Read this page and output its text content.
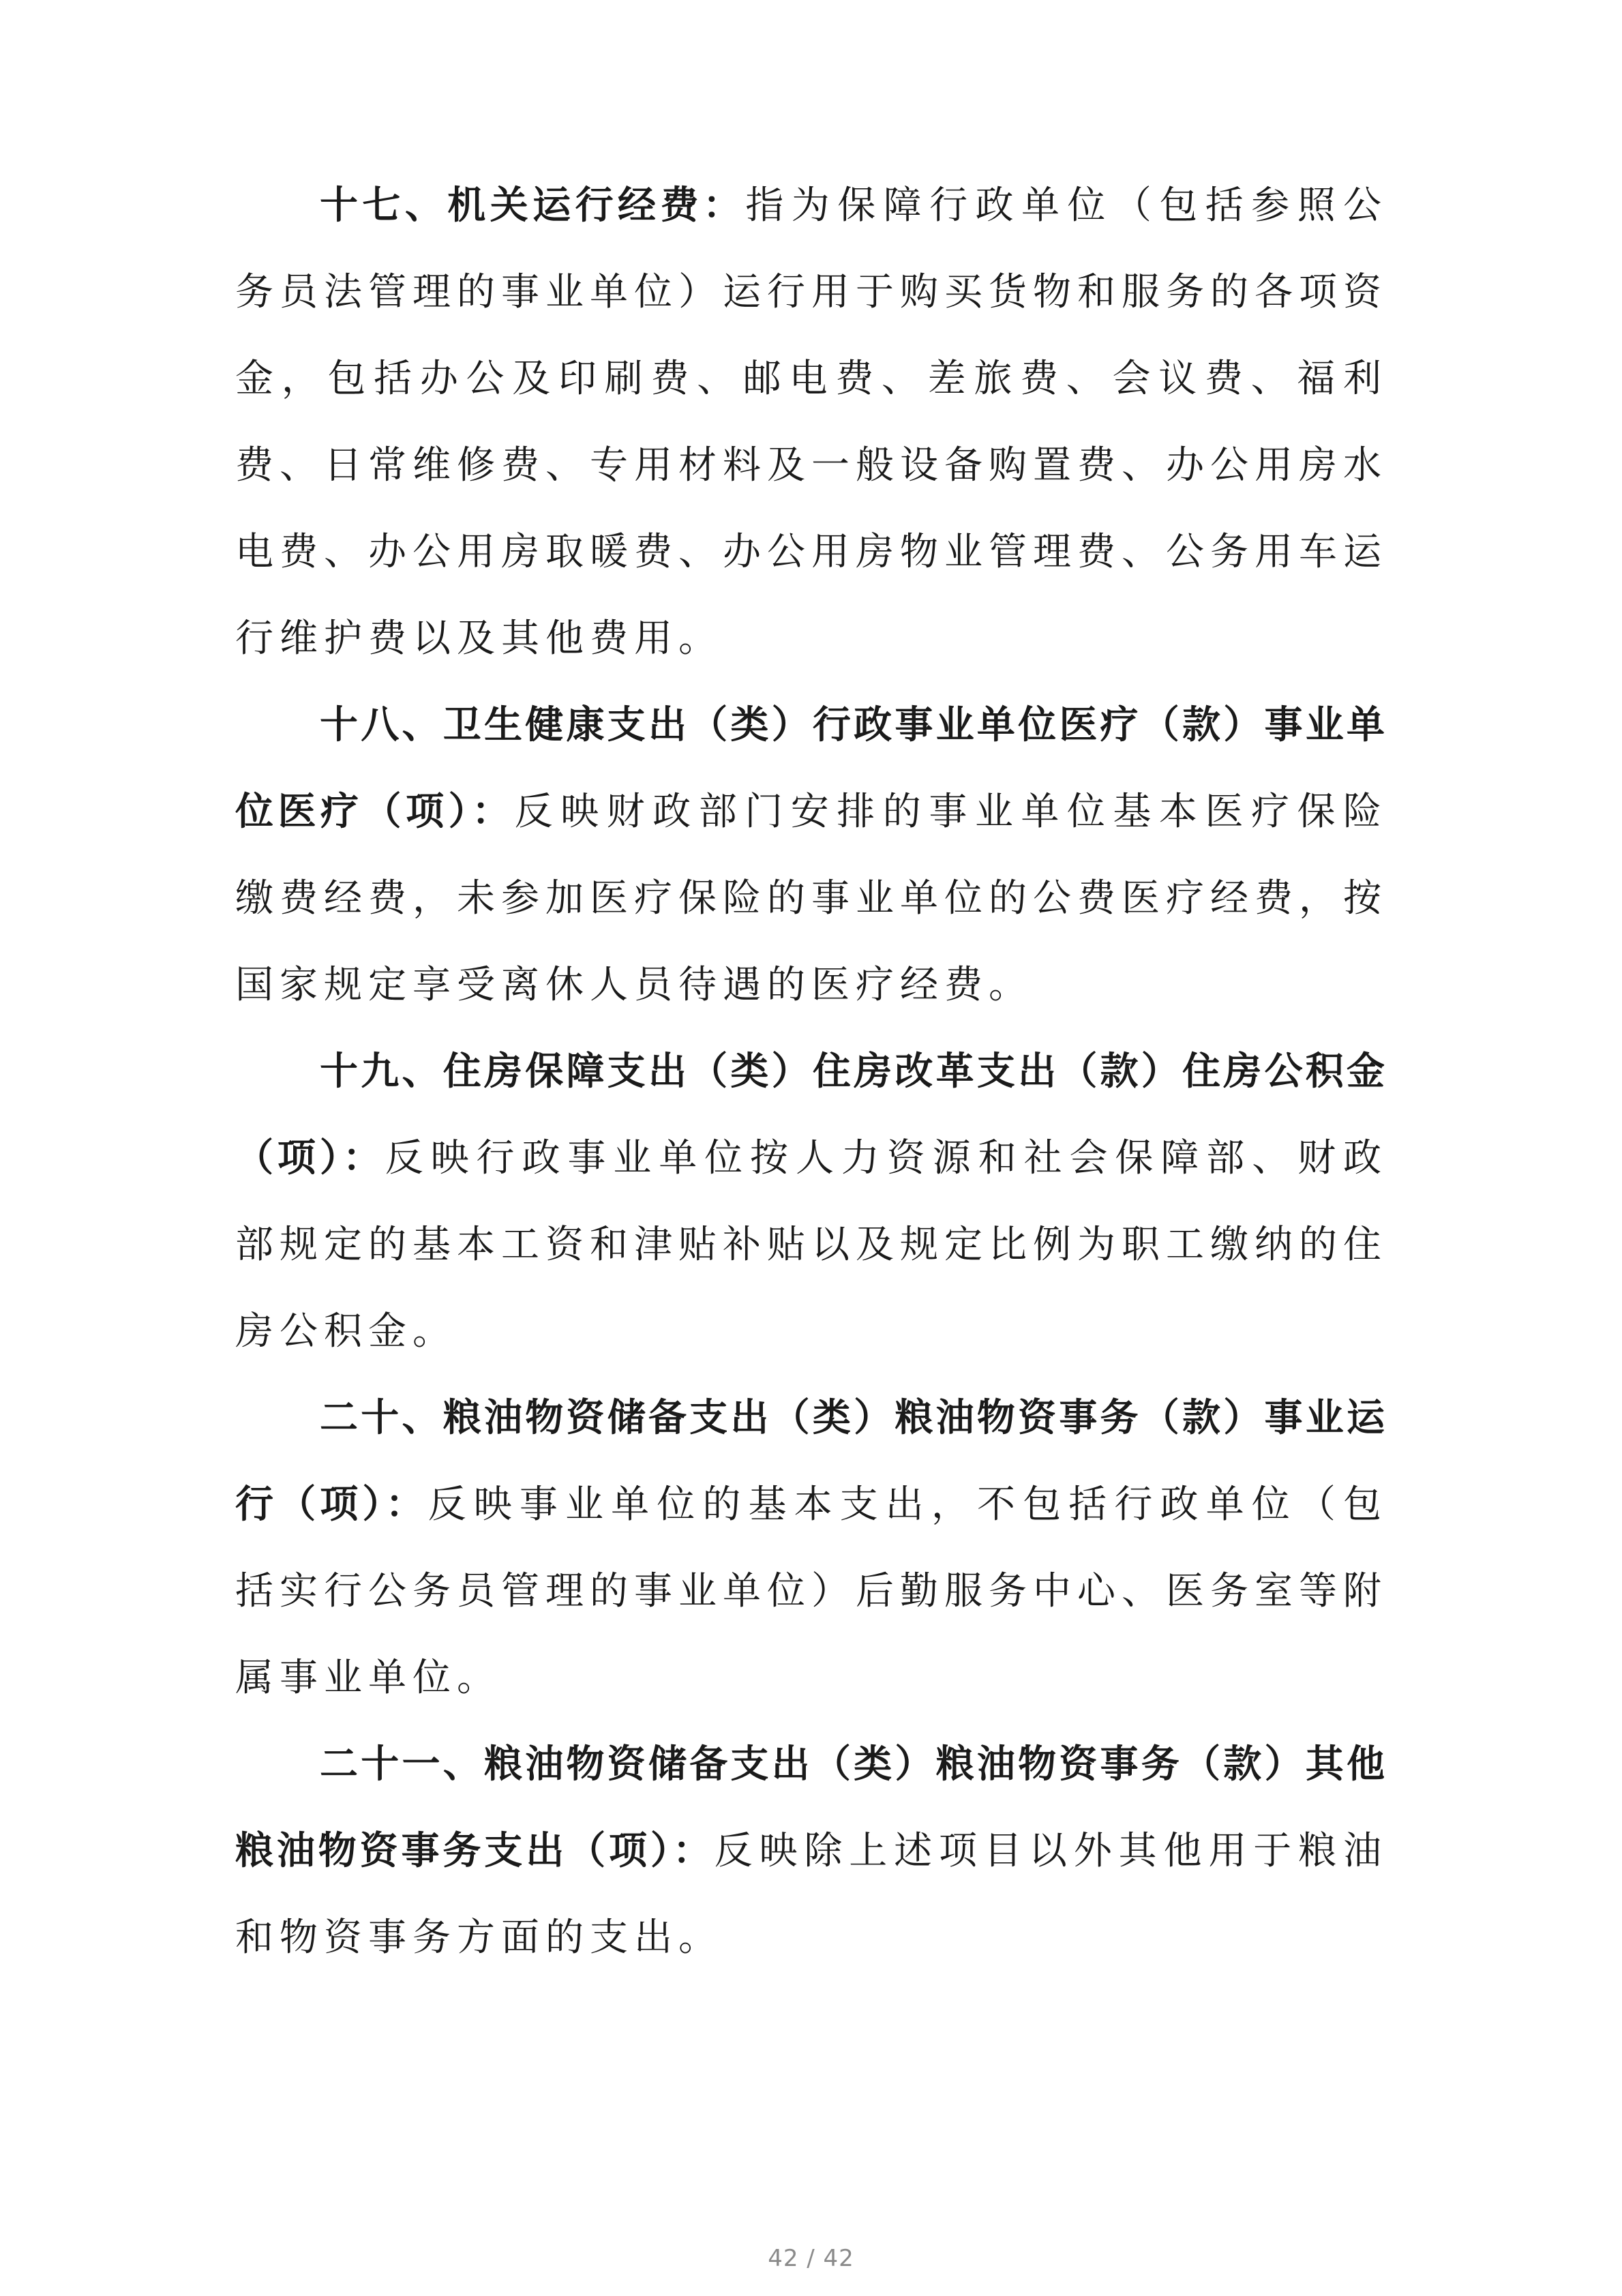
十七、机关运行经费：指为保障行政单位（包括参照公务员法管理的事业单位）运行用于购买货物和服务的各项资金，包括办公及印刷费、邮电费、差旅费、会议费、福利费、日常维修费、专用材料及一般设备购置费、办公用房水电费、办公用房取暖费、办公用房物业管理费、公务用车运行维护费以及其他费用。

十八、卫生健康支出（类）行政事业单位医疗（款）事业单位医疗（项）：反映财政部门安排的事业单位基本医疗保险缴费经费，未参加医疗保险的事业单位的公费医疗经费，按国家规定享受离休人员待遇的医疗经费。

十九、住房保障支出（类）住房改革支出（款）住房公积金（项）：反映行政事业单位按人力资源和社会保障部、财政部规定的基本工资和津贴补贴以及规定比例为职工缴纳的住房公积金。

二十、粮油物资储备支出（类）粮油物资事务（款）事业运行（项）：反映事业单位的基本支出，不包括行政单位（包括实行公务员管理的事业单位）后勤服务中心、医务室等附属事业单位。

二十一、粮油物资储备支出（类）粮油物资事务（款）其他粮油物资事务支出（项）：反映除上述项目以外其他用于粮油和物资事务方面的支出。

42 / 42
